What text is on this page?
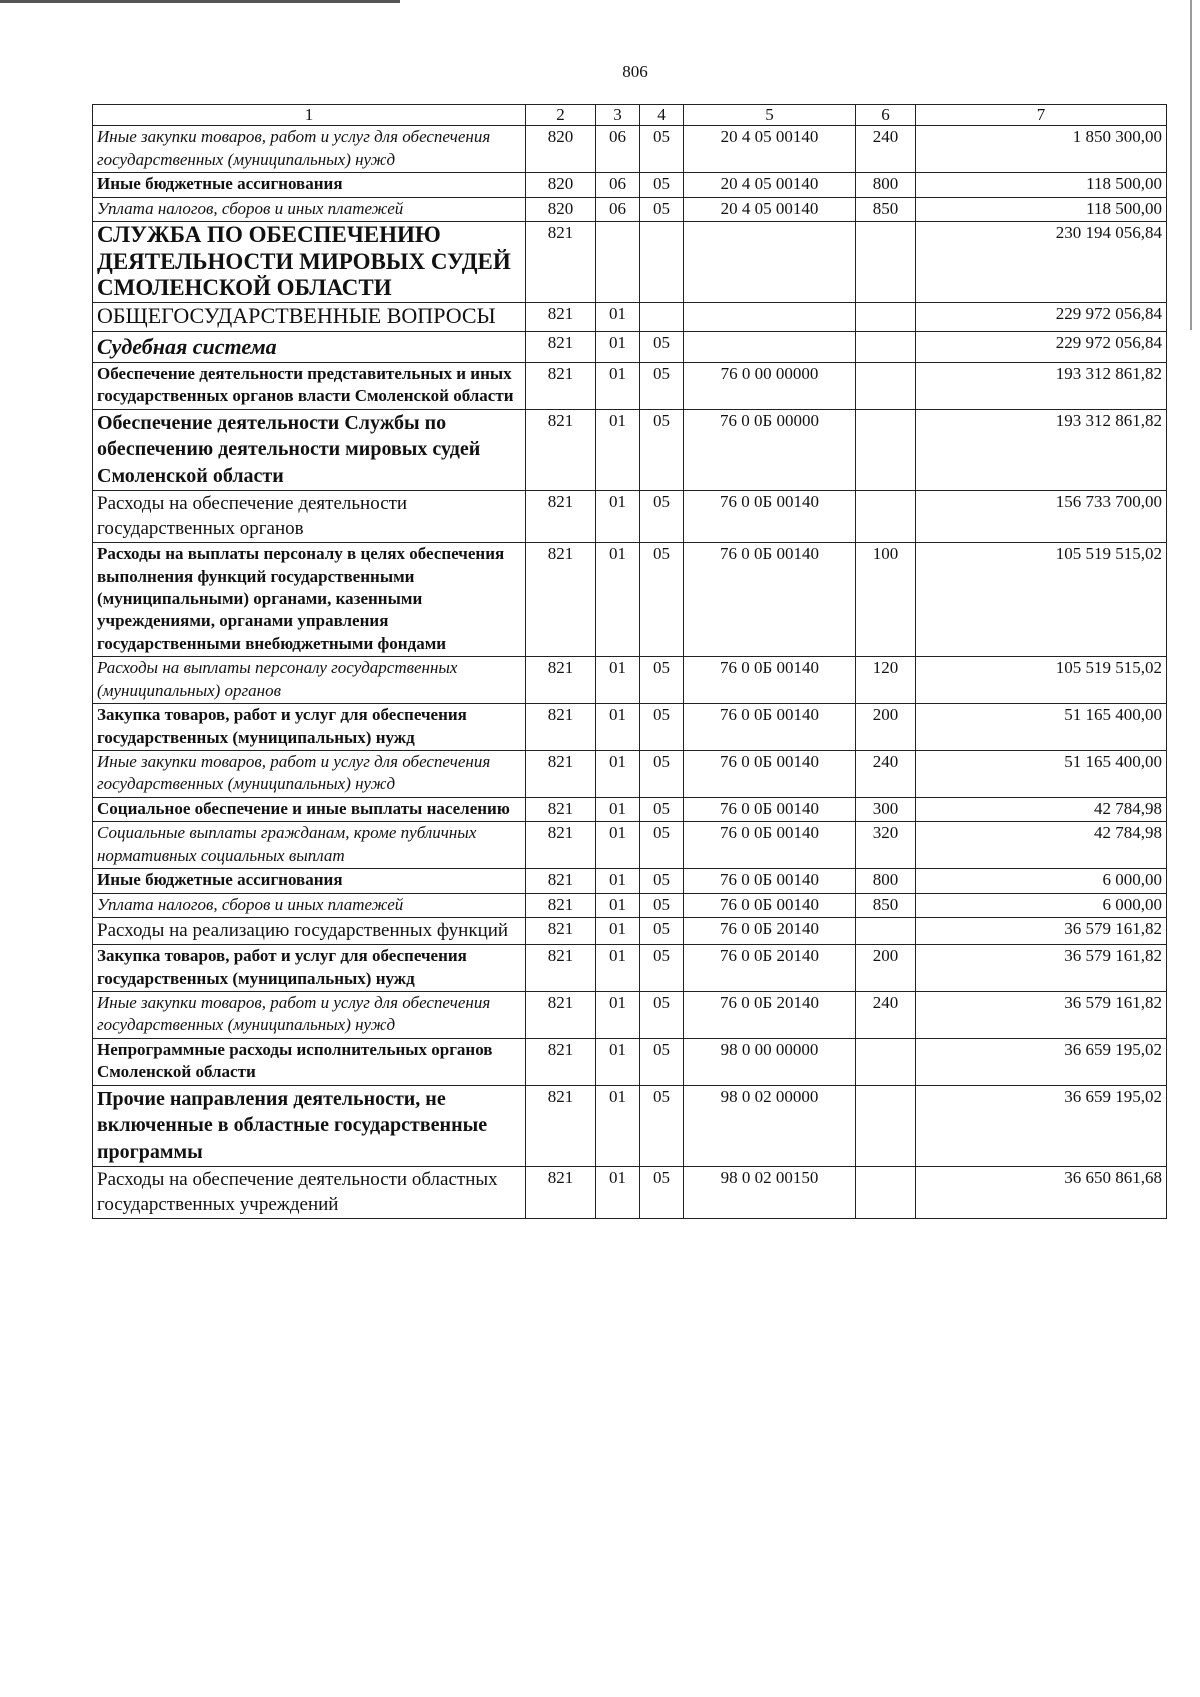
806
1	2	3	4	5	6	7
Иные закупки товаров, работ и услуг для обеспечения государственных (муниципальных) нужд	820	06	05	20 4 05 00140	240	1 850 300,00
Иные бюджетные ассигнования	820	06	05	20 4 05 00140	800	118 500,00
Уплата налогов, сборов и иных платежей	820	06	05	20 4 05 00140	850	118 500,00
СЛУЖБА ПО ОБЕСПЕЧЕНИЮ ДЕЯТЕЛЬНОСТИ МИРОВЫХ СУДЕЙ СМОЛЕНСКОЙ ОБЛАСТИ	821					230 194 056,84
ОБЩЕГОСУДАРСТВЕННЫЕ ВОПРОСЫ	821	01				229 972 056,84
Судебная система	821	01	05			229 972 056,84
Обеспечение деятельности представительных и иных государственных органов власти Смоленской области	821	01	05	76 0 00 00000		193 312 861,82
Обеспечение деятельности Службы по обеспечению деятельности мировых судей Смоленской области	821	01	05	76 0 0Б 00000		193 312 861,82
Расходы на обеспечение деятельности государственных органов	821	01	05	76 0 0Б 00140		156 733 700,00
Расходы на выплаты персоналу в целях обеспечения выполнения функций государственными (муниципальными) органами, казенными учреждениями, органами управления государственными внебюджетными фондами	821	01	05	76 0 0Б 00140	100	105 519 515,02
Расходы на выплаты персоналу государственных (муниципальных) органов	821	01	05	76 0 0Б 00140	120	105 519 515,02
Закупка товаров, работ и услуг для обеспечения государственных (муниципальных) нужд	821	01	05	76 0 0Б 00140	200	51 165 400,00
Иные закупки товаров, работ и услуг для обеспечения государственных (муниципальных) нужд	821	01	05	76 0 0Б 00140	240	51 165 400,00
Социальное обеспечение и иные выплаты населению	821	01	05	76 0 0Б 00140	300	42 784,98
Социальные выплаты гражданам, кроме публичных нормативных социальных выплат	821	01	05	76 0 0Б 00140	320	42 784,98
Иные бюджетные ассигнования	821	01	05	76 0 0Б 00140	800	6 000,00
Уплата налогов, сборов и иных платежей	821	01	05	76 0 0Б 00140	850	6 000,00
Расходы на реализацию государственных функций	821	01	05	76 0 0Б 20140		36 579 161,82
Закупка товаров, работ и услуг для обеспечения государственных (муниципальных) нужд	821	01	05	76 0 0Б 20140	200	36 579 161,82
Иные закупки товаров, работ и услуг для обеспечения государственных (муниципальных) нужд	821	01	05	76 0 0Б 20140	240	36 579 161,82
Непрограммные расходы исполнительных органов Смоленской области	821	01	05	98 0 00 00000		36 659 195,02
Прочие направления деятельности, не включенные в областные государственные программы	821	01	05	98 0 02 00000		36 659 195,02
Расходы на обеспечение деятельности областных государственных учреждений	821	01	05	98 0 02 00150		36 650 861,68
